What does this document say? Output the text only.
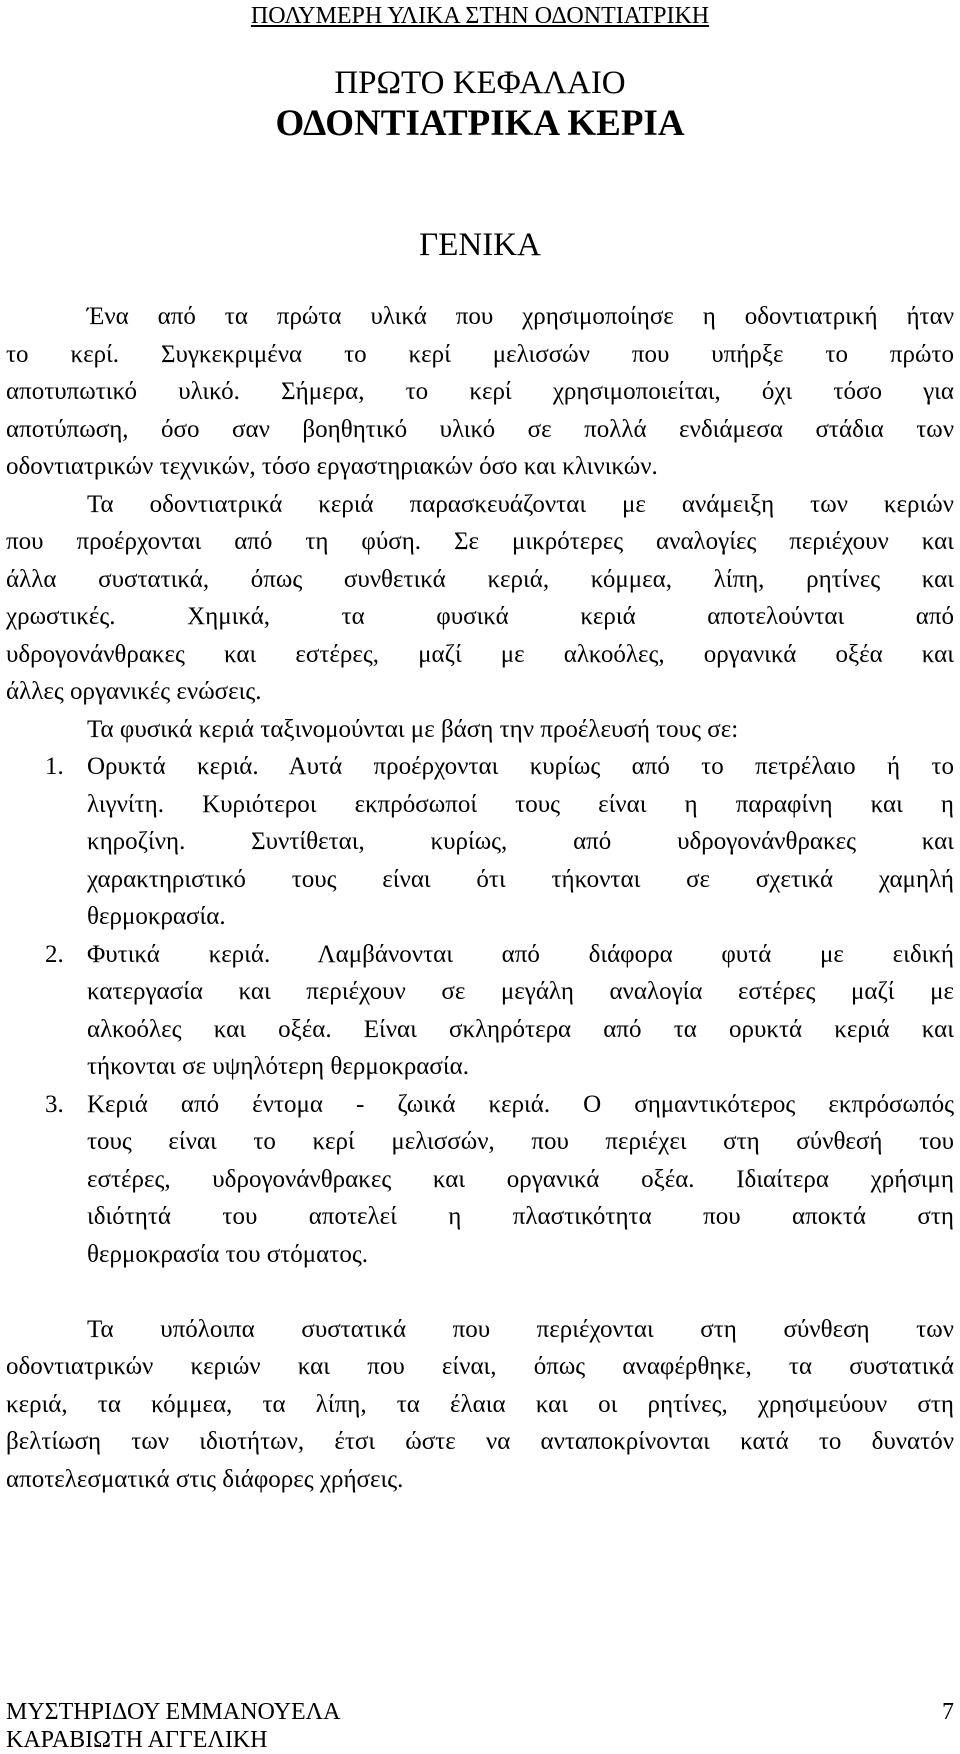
ΠΟΛΥΜΕΡΗ ΥΛΙΚΑ ΣΤΗΝ ΟΔΟΝΤΙΑΤΡΙΚΗ
ΠΡΩΤΟ ΚΕΦΑΛΑΙΟ
ΟΔΟΝΤΙΑΤΡΙΚΑ ΚΕΡΙΑ
ΓΕΝΙΚΑ
Ένα από τα πρώτα υλικά που χρησιμοποίησε η οδοντιατρική ήταν
το κερί. Συγκεκριμένα το κερί μελισσών που υπήρξε το πρώτο
αποτυπωτικό υλικό. Σήμερα, το κερί χρησιμοποιείται, όχι τόσο για
αποτύπωση, όσο σαν βοηθητικό υλικό σε πολλά ενδιάμεσα στάδια των
οδοντιατρικών τεχνικών, τόσο εργαστηριακών όσο και κλινικών.
Τα οδοντιατρικά κεριά παρασκευάζονται με ανάμειξη των κεριών
που προέρχονται από τη φύση. Σε μικρότερες αναλογίες περιέχουν και
άλλα συστατικά, όπως συνθετικά κεριά, κόμμεα, λίπη, ρητίνες και
χρωστικές. Χημικά, τα φυσικά κεριά αποτελούνται από
υδρογονάνθρακες και εστέρες, μαζί με αλκοόλες, οργανικά οξέα και
άλλες οργανικές ενώσεις.
Τα φυσικά κεριά ταξινομούνται με βάση την προέλευσή τους σε:
1. Ορυκτά κεριά. Αυτά προέρχονται κυρίως από το πετρέλαιο ή το
λιγνίτη. Κυριότεροι εκπρόσωποί τους είναι η παραφίνη και η
κηροζίνη. Συντίθεται, κυρίως, από υδρογονάνθρακες και
χαρακτηριστικό τους είναι ότι τήκονται σε σχετικά χαμηλή
θερμοκρασία.
2. Φυτικά κεριά. Λαμβάνονται από διάφορα φυτά με ειδική
κατεργασία και περιέχουν σε μεγάλη αναλογία εστέρες μαζί με
αλκοόλες και οξέα. Είναι σκληρότερα από τα ορυκτά κεριά και
τήκονται σε υψηλότερη θερμοκρασία.
3. Κεριά από έντομα - ζωικά κεριά. Ο σημαντικότερος εκπρόσωπός
τους είναι το κερί μελισσών, που περιέχει στη σύνθεσή του
εστέρες, υδρογονάνθρακες και οργανικά οξέα. Ιδιαίτερα χρήσιμη
ιδιότητά του αποτελεί η πλαστικότητα που αποκτά στη
θερμοκρασία του στόματος.
Τα υπόλοιπα συστατικά που περιέχονται στη σύνθεση των
οδοντιατρικών κεριών και που είναι, όπως αναφέρθηκε, τα συστατικά
κεριά, τα κόμμεα, τα λίπη, τα έλαια και οι ρητίνες, χρησιμεύουν στη
βελτίωση των ιδιοτήτων, έτσι ώστε να ανταποκρίνονται κατά το δυνατόν
αποτελεσματικά στις διάφορες χρήσεις.
ΜΥΣΤΗΡΙΔΟΥ ΕΜΜΑΝΟΥΕΛΑ
ΚΑΡΑΒΙΩΤΗ ΑΓΓΕΛΙΚΗ
7
